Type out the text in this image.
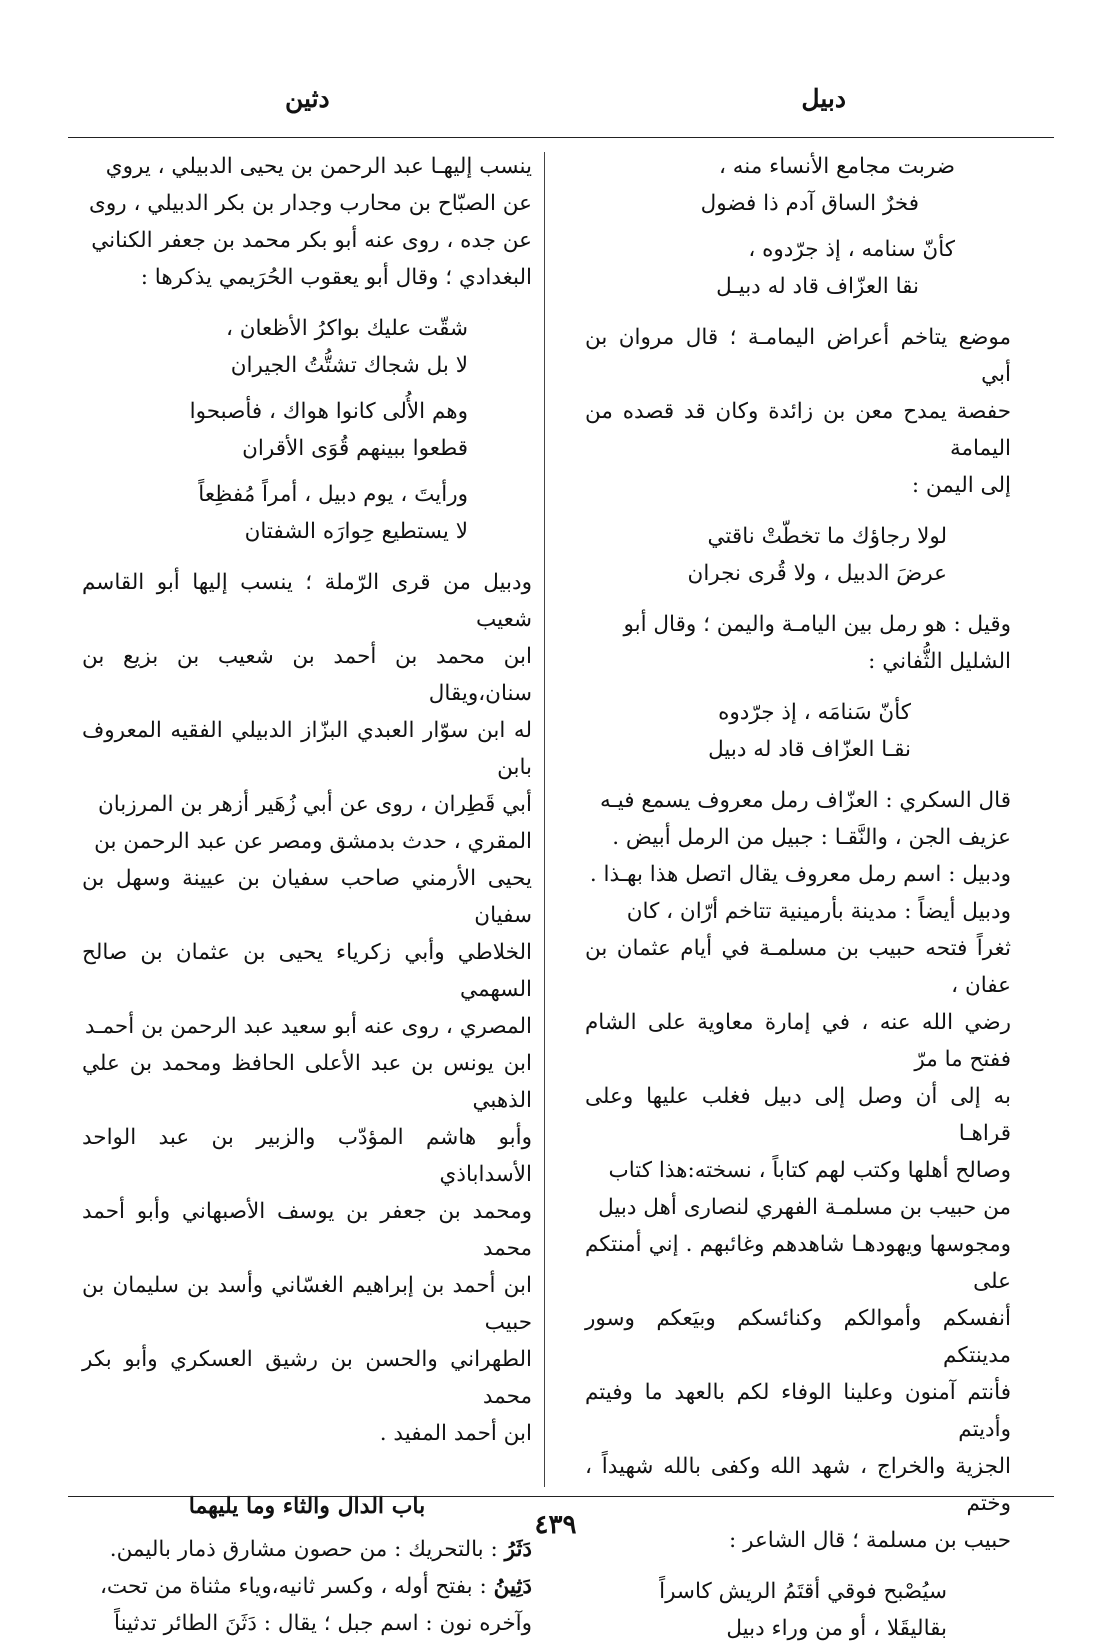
دبيل
دثين
ضربت مجامع الأنساء منه ،
فخرٌ الساق آدم ذا فضول
كأنّ سنامه ، إذ جرّدوه ،
نقا العزّاف قاد له دبيـل
موضع يتاخم أعراض اليمامـة ؛ قال مروان بن أبي
حفصة يمدح معن بن زائدة وكان قد قصده من اليمامة
إلى اليمن :
لولا رجاؤك ما تخطّتْ ناقتي
عرضَ الدبيل ، ولا قُرى نجران
وقيل : هو رمل بين اليامـة واليمن ؛ وقال أبو
الشليل الثُّفاني :
كأنّ سَنامَه ، إذ جرّدوه
نقـا العزّاف قاد له دبيل
قال السكري : العزّاف رمل معروف يسمع فيـه
عزيف الجن ، والنَّقـا : جبيل من الرمل أبيض .
ودبيل : اسم رمل معروف يقال اتصل هذا بهـذا .
ودبيل أيضاً : مدينة بأرمينية تتاخم أرّان ، كان
ثغراً فتحه حبيب بن مسلمـة في أيام عثمان بن عفان ،
رضي الله عنه ، في إمارة معاوية على الشام ففتح ما مرّ
به إلى أن وصل إلى دبيل فغلب عليها وعلى قراهـا
وصالح أهلها وكتب لهم كتاباً ، نسخته:هذا كتاب
من حبيب بن مسلمـة الفهري لنصارى أهل دبيل
ومجوسها ويهودهـا شاهدهم وغائبهم . إني أمنتكم على
أنفسكم وأموالكم وكنائسكم وبيَعكم وسور مدينتكم
فأنتم آمنون وعلينا الوفاء لكم بالعهد ما وفيتم وأديتم
الجزية والخراج ، شهد الله وكفى بالله شهيداً ، وختم
حبيب بن مسلمة ؛ قال الشاعر :
سيُصْبح فوقي أقتَمُ الريش كاسراً
بقاليقَلا ، أو من وراء دبيل
ينسب إليهـا عبد الرحمن بن يحيى الدبيلي ، يروي
عن الصبّاح بن محارب وجدار بن بكر الدبيلي ، روى
عن جده ، روى عنه أبو بكر محمد بن جعفر الكناني
البغدادي ؛ وقال أبو يعقوب الحُرَيمي يذكرها :
شقّت عليك بواكرُ الأظعان ،
لا بل شجاك تشتُّتُ الجيران
وهم الأُلى كانوا هواك ، فأصبحوا
قطعوا ببينهم قُوَى الأقران
ورأيتَ ، يوم دبيل ، أمراً مُفظِعاً
لا يستطيع حِوارَه الشفتان
ودبيل من قرى الرّملة ؛ ينسب إليها أبو القاسم شعيب
ابن محمد بن أحمد بن شعيب بن بزيع بن سنان،ويقال
له ابن سوّار العبدي البزّاز الدبيلي الفقيه المعروف بابن
أبي قَطِران ، روى عن أبي زُهَير أزهر بن المرزبان
المقري ، حدث بدمشق ومصر عن عبد الرحمن بن
يحيى الأرمني صاحب سفيان بن عيينة وسهل بن سفيان
الخلاطي وأبي زكرياء يحيى بن عثمان بن صالح السهمي
المصري ، روى عنه أبو سعيد عبد الرحمن بن أحمـد
ابن يونس بن عبد الأعلى الحافظ ومحمد بن علي الذهبي
وأبو هاشم المؤدّب والزبير بن عبد الواحد الأسداباذي
ومحمد بن جعفر بن يوسف الأصبهاني وأبو أحمد محمد
ابن أحمد بن إبراهيم الغسّاني وأسد بن سليمان بن حبيب
الطهراني والحسن بن رشيق العسكري وأبو بكر محمد
ابن أحمد المفيد .
باب الدال والثاء وما يليهما
دَثَرُ : بالتحريك : من حصون مشارق ذمار باليمن.
دَثِينُ : بفتح أوله ، وكسر ثانيه،وياء مثناة من تحت،
وآخره نون : اسم جبل ؛ يقال : دَثَنَ الطائر تدثيناً
٤٣٩
